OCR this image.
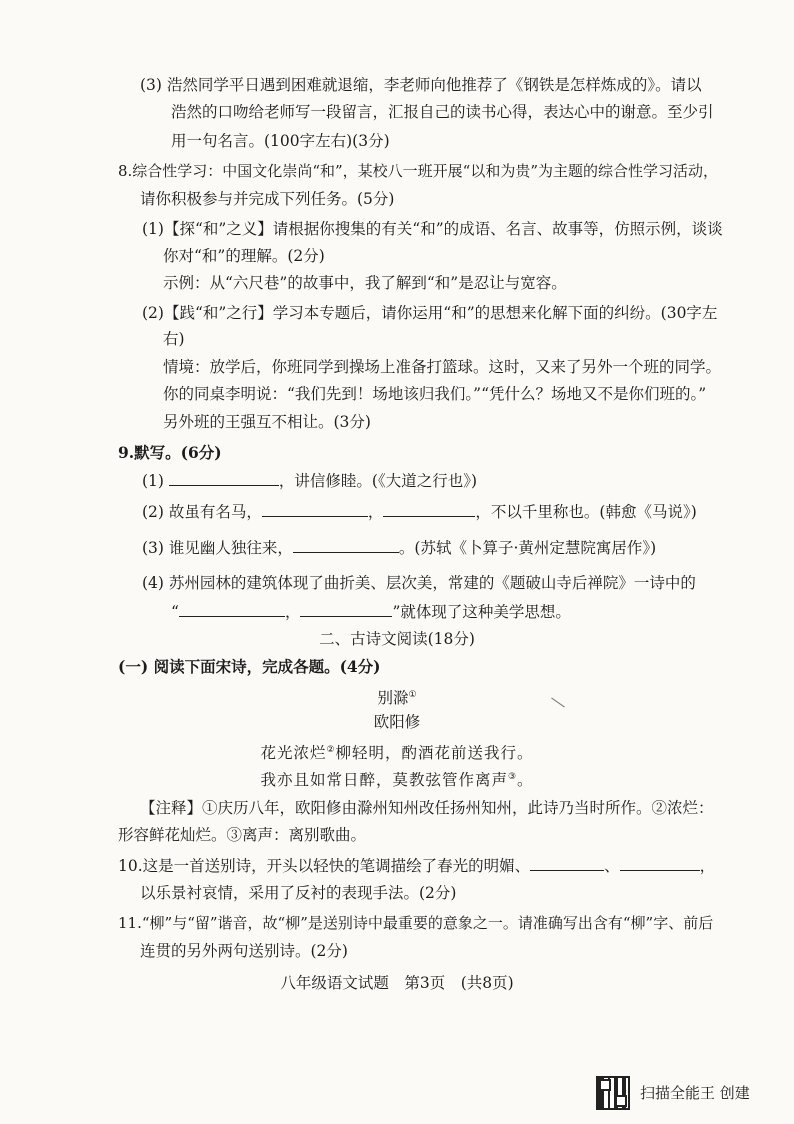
(3) 浩然同学平日遇到困难就退缩，李老师向他推荐了《钢铁是怎样炼成的》。请以
浩然的口吻给老师写一段留言，汇报自己的读书心得，表达心中的谢意。至少引
用一句名言。(100字左右)(3分)
8.综合性学习：中国文化崇尚“和”，某校八一班开展“以和为贵”为主题的综合性学习活动，
请你积极参与并完成下列任务。(5分)
(1)【探“和”之义】请根据你搜集的有关“和”的成语、名言、故事等，仿照示例，谈谈
你对“和”的理解。(2分)
示例：从“六尺巷”的故事中，我了解到“和”是忍让与宽容。
(2)【践“和”之行】学习本专题后，请你运用“和”的思想来化解下面的纠纷。(30字左
右)
情境：放学后，你班同学到操场上准备打篮球。这时，又来了另外一个班的同学。
你的同桌李明说：“我们先到！场地该归我们。”“凭什么？场地又不是你们班的。”
另外班的王强互不相让。(3分)
9.默写。(6分)
(1)	，讲信修睦。(《大道之行也》)
(2) 故虽有名马，	，	，不以千里称也。(韩愈《马说》)
(3) 谁见幽人独往来，	。(苏轼《卜算子·黄州定慧院寓居作》)
(4) 苏州园林的建筑体现了曲折美、层次美，常建的《题破山寺后禅院》一诗中的
“	，	”就体现了这种美学思想。
二、古诗文阅读(18分)
(一) 阅读下面宋诗，完成各题。(4分)
别滁①
欧阳修
花光浓烂②柳轻明，酌酒花前送我行。
我亦且如常日醉，莫教弦管作离声③。
【注释】①庆历八年，欧阳修由滁州知州改任扬州知州，此诗乃当时所作。②浓烂：
形容鲜花灿烂。③离声：离别歌曲。
10.这是一首送别诗，开头以轻快的笔调描绘了春光的明媚、	、	，
以乐景衬哀情，采用了反衬的表现手法。(2分)
11.“柳”与“留”谐音，故“柳”是送别诗中最重要的意象之一。请准确写出含有“柳”字、前后
连贯的另外两句送别诗。(2分)
八年级语文试题　第3页　(共8页)
扫描全能王 创建
